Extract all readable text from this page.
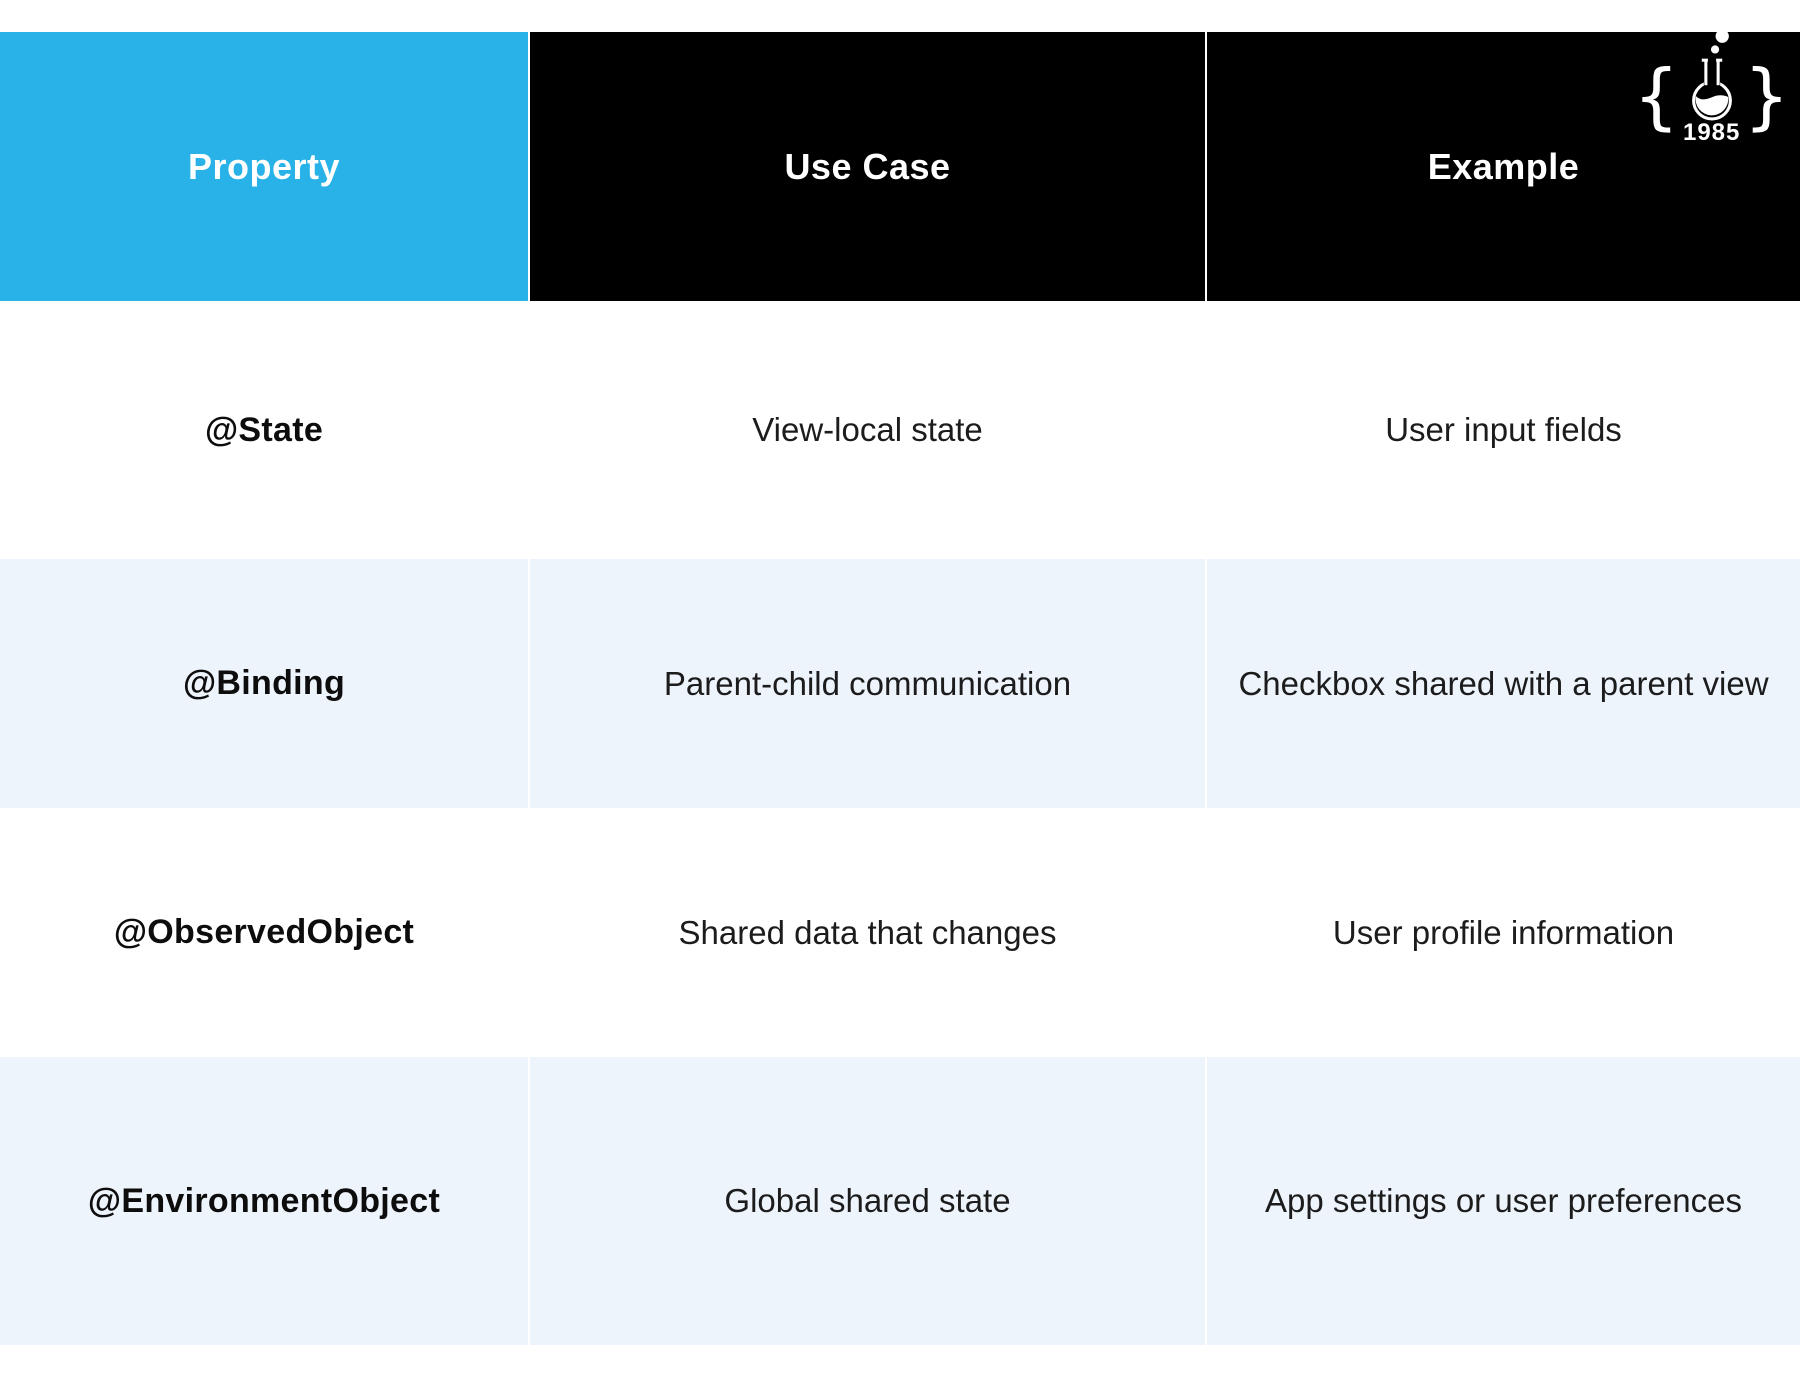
Property	Use Case	Example
{ }
1985
@State	View-local state	User input fields
@Binding	Parent-child communication	Checkbox shared with a parent view
@ObservedObject	Shared data that changes	User profile information
@EnvironmentObject	Global shared state	App settings or user preferences
